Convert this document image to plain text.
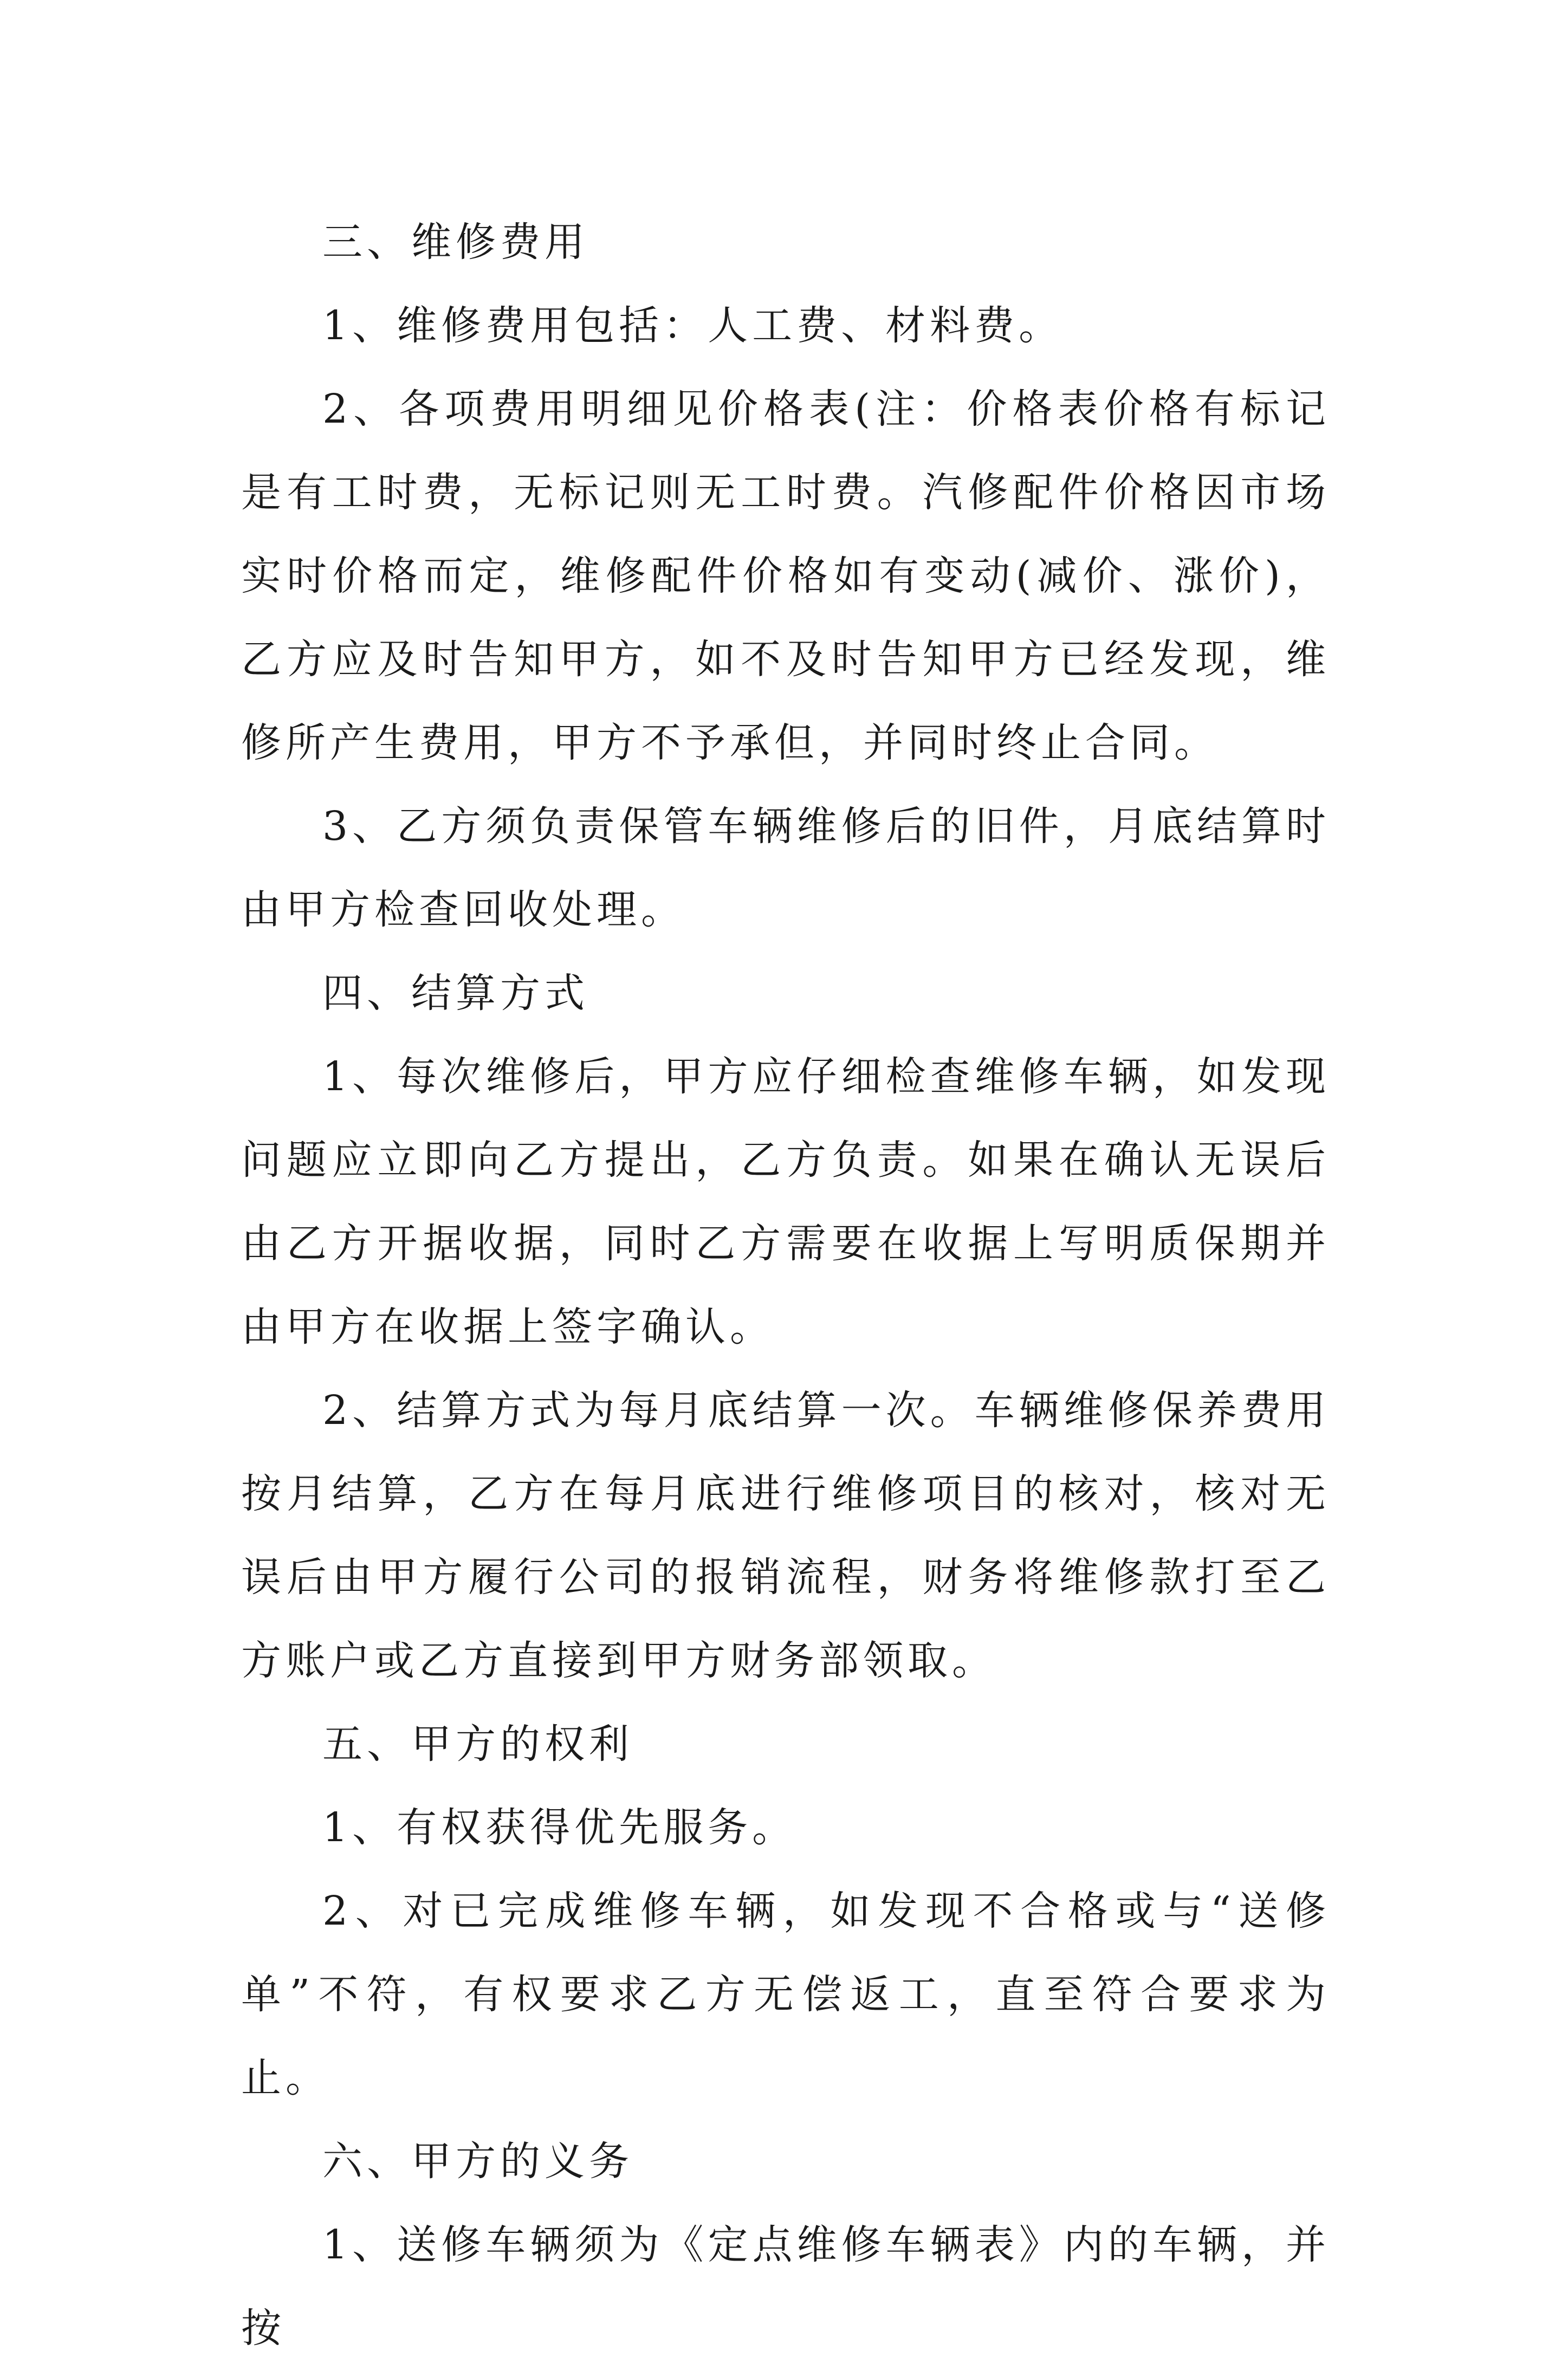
三、维修费用

1、维修费用包括：人工费、材料费。

2、各项费用明细见价格表(注：价格表价格有标记是有工时费，无标记则无工时费。汽修配件价格因市场实时价格而定，维修配件价格如有变动(减价、涨价)，乙方应及时告知甲方，如不及时告知甲方已经发现，维修所产生费用，甲方不予承但，并同时终止合同。

3、乙方须负责保管车辆维修后的旧件，月底结算时由甲方检查回收处理。

四、结算方式

1、每次维修后，甲方应仔细检查维修车辆，如发现问题应立即向乙方提出，乙方负责。如果在确认无误后由乙方开据收据，同时乙方需要在收据上写明质保期并由甲方在收据上签字确认。

2、结算方式为每月底结算一次。车辆维修保养费用按月结算，乙方在每月底进行维修项目的核对，核对无误后由甲方履行公司的报销流程，财务将维修款打至乙方账户或乙方直接到甲方财务部领取。

五、甲方的权利

1、有权获得优先服务。

2、对已完成维修车辆，如发现不合格或与“送修单”不符，有权要求乙方无偿返工，直至符合要求为止。

六、甲方的义务

1、送修车辆须为《定点维修车辆表》内的车辆，并按
